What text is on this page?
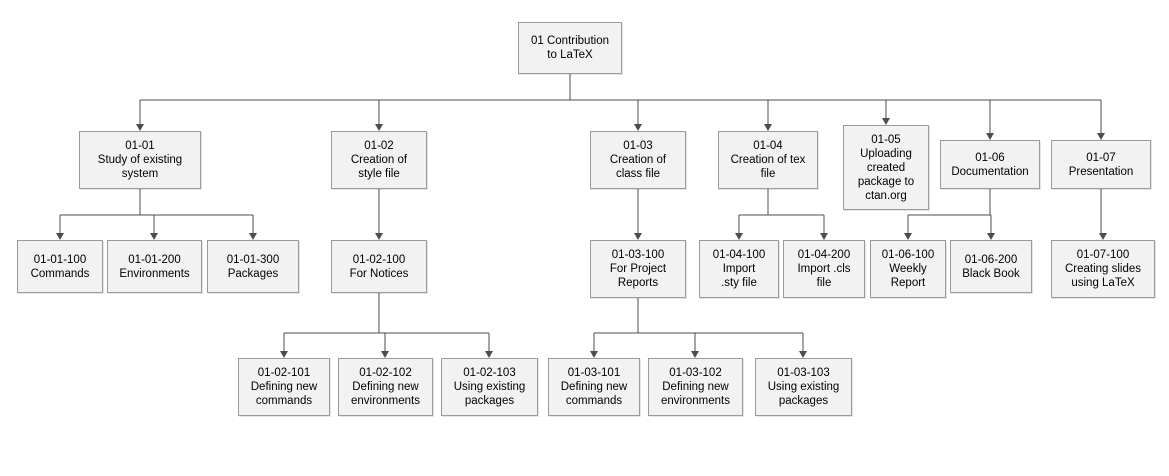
01 Contribution
to LaTeX
01-01
Study of existing
system
01-02
Creation of
style file
01-03
Creation of
class file
01-04
Creation of tex
file
01-05
Uploading
created
package to
ctan.org
01-06
Documentation
01-07
Presentation
01-01-100
Commands
01-01-200
Environments
01-01-300
Packages
01-02-100
For Notices
01-03-100
For Project
Reports
01-04-100
Import
.sty file
01-04-200
Import .cls
file
01-06-100
Weekly
Report
01-06-200
Black Book
01-07-100
Creating slides
using LaTeX
01-02-101
Defining new
commands
01-02-102
Defining new
environments
01-02-103
Using existing
packages
01-03-101
Defining new
commands
01-03-102
Defining new
environments
01-03-103
Using existing
packages
